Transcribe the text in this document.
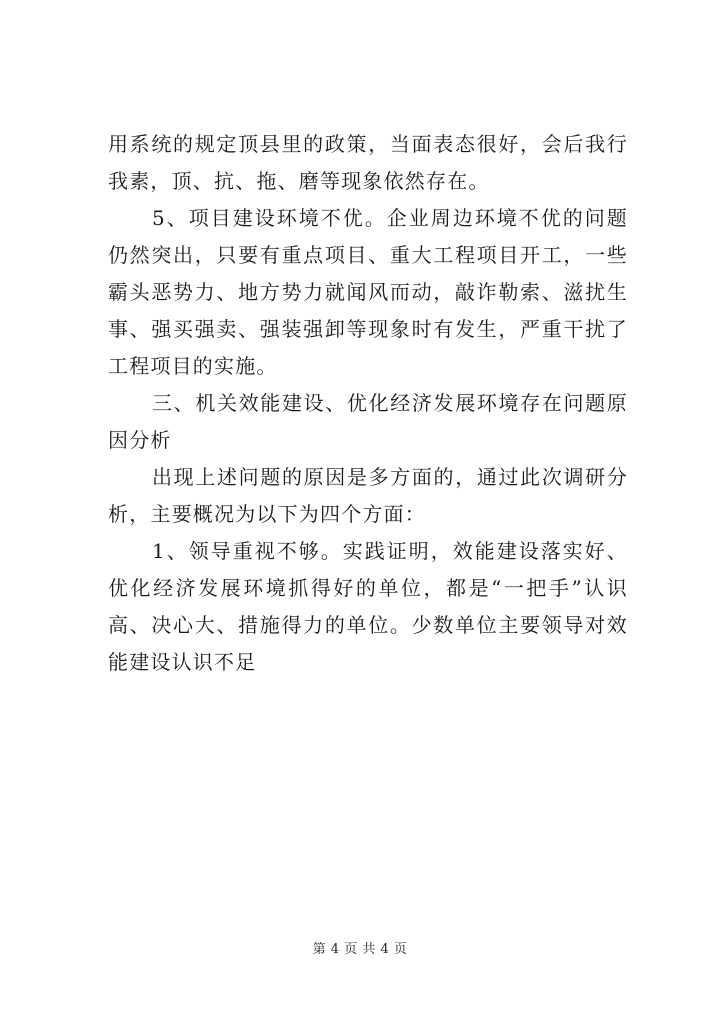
用系统的规定顶县里的政策，当面表态很好，会后我行我素，顶、抗、拖、磨等现象依然存在。

5、项目建设环境不优。企业周边环境不优的问题仍然突出，只要有重点项目、重大工程项目开工，一些霸头恶势力、地方势力就闻风而动，敲诈勒索、滋扰生事、强买强卖、强装强卸等现象时有发生，严重干扰了工程项目的实施。

三、机关效能建设、优化经济发展环境存在问题原因分析

出现上述问题的原因是多方面的，通过此次调研分析，主要概况为以下为四个方面：

1、领导重视不够。实践证明，效能建设落实好、优化经济发展环境抓得好的单位，都是“一把手”认识高、决心大、措施得力的单位。少数单位主要领导对效能建设认识不足

第 4 页 共 4 页
